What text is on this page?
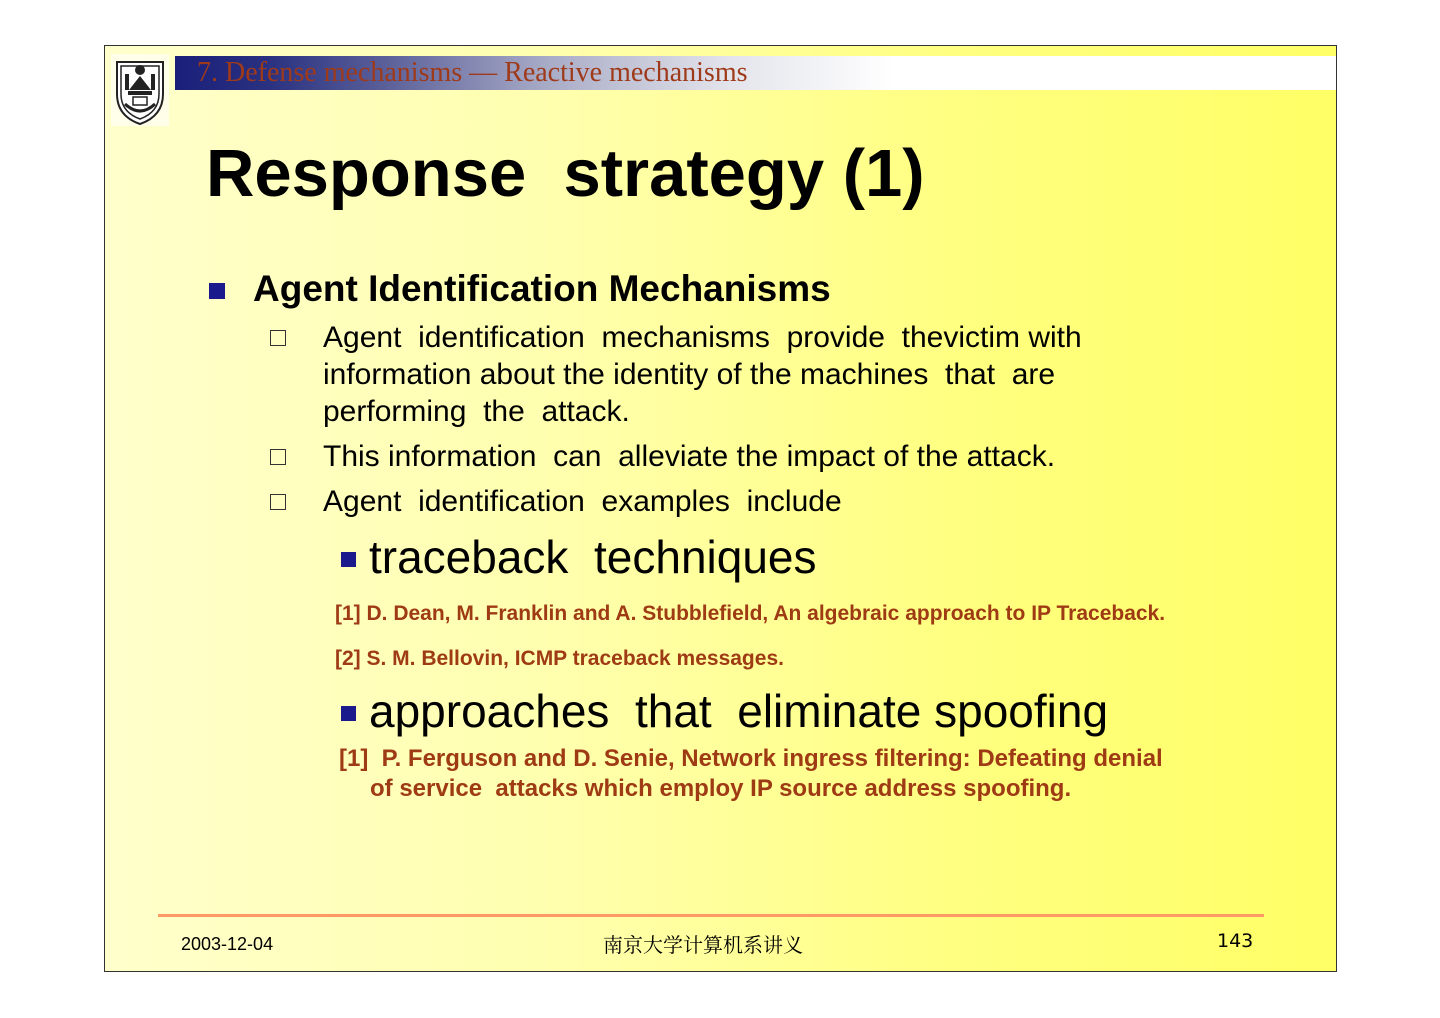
7. Defense mechanisms — Reactive mechanisms
Response  strategy (1)

Agent Identification Mechanisms

Agent  identification  mechanisms  provide  thevictim with
information about the identity of the machines  that  are
performing  the  attack.
This information  can  alleviate the impact of the attack.
Agent  identification  examples  include

traceback  techniques

[1] D. Dean, M. Franklin and A. Stubblefield, An algebraic approach to IP Traceback.
[2] S. M. Bellovin, ICMP traceback messages.

approaches  that  eliminate spoofing

[1]  P. Ferguson and D. Senie, Network ingress filtering: Defeating denial
of service  attacks which employ IP source address spoofing.
2003-12-04	南京大学计算机系讲义	143
